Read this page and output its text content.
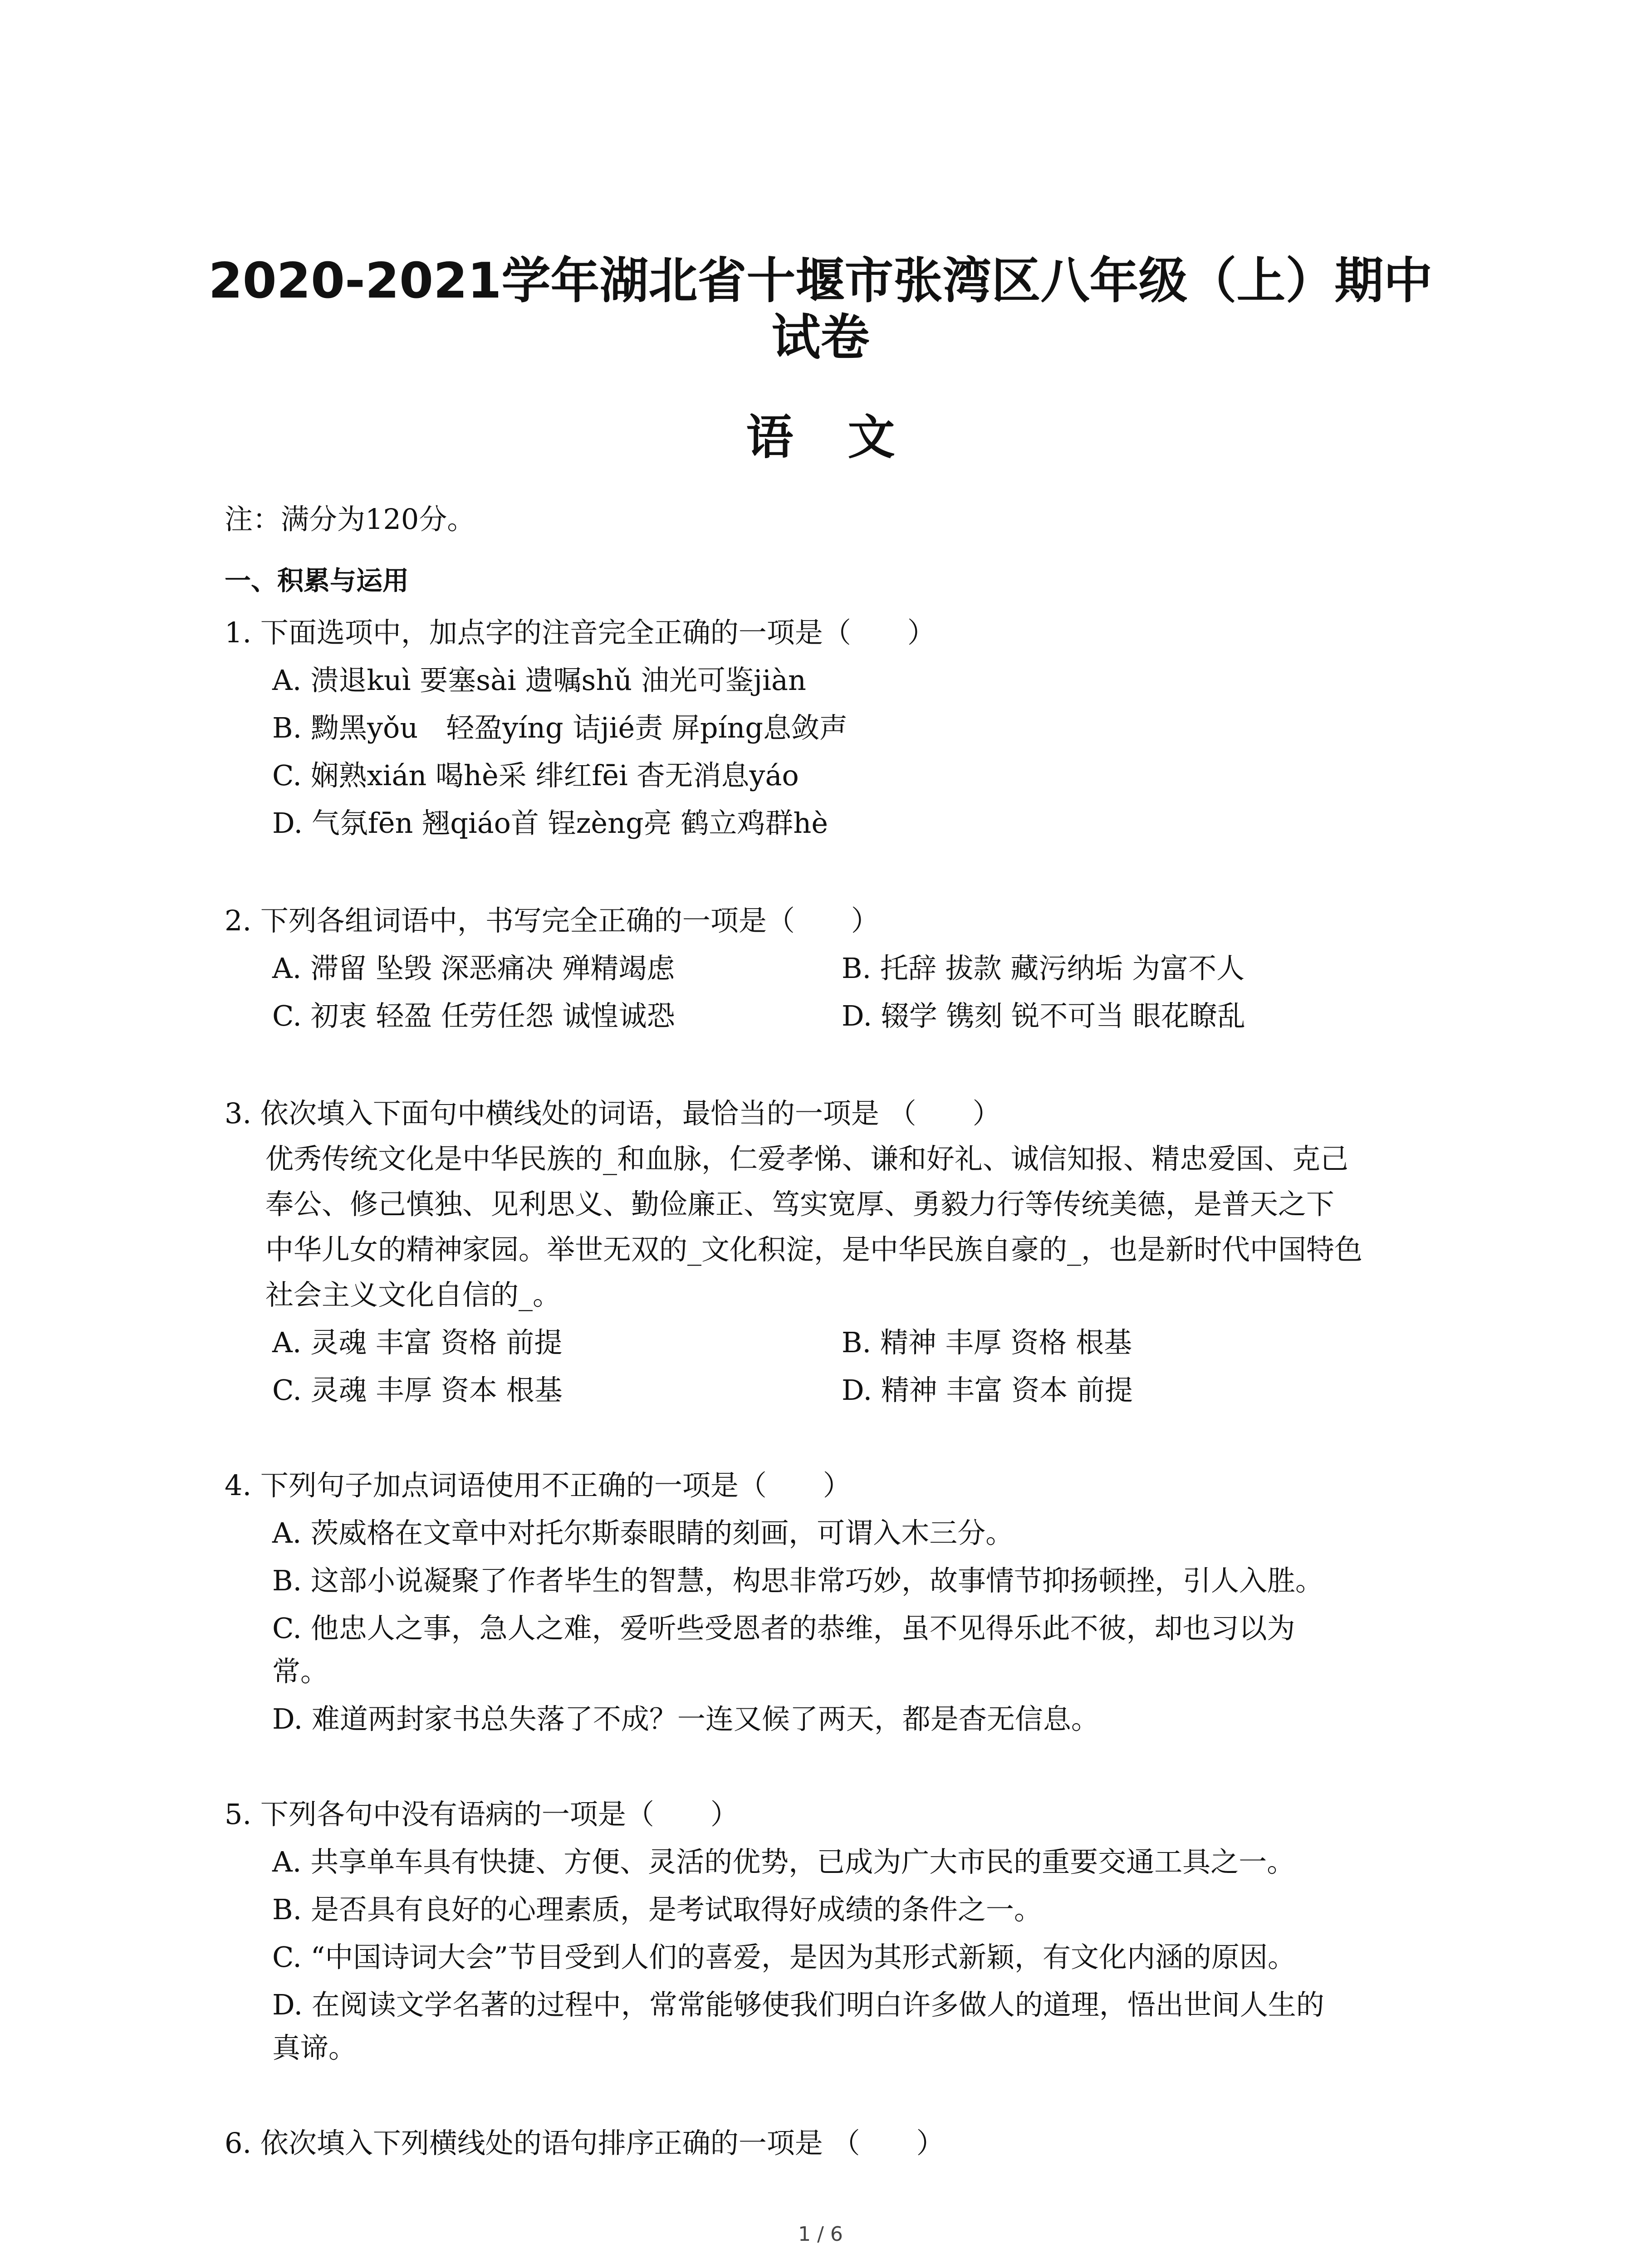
2020-2021学年湖北省十堰市张湾区八年级（上）期中
试卷
语文
注：满分为120分。
一、积累与运用
1. 下面选项中，加点字的注音完全正确的一项是（　　）
A. 溃退kuì 要塞sài 遗嘱shǔ 油光可鉴jiàn
B. 黝黑yǒu　轻盈yíng 诘jié责 屏píng息敛声
C. 娴熟xián 喝hè采 绯红fēi 杳无消息yáo
D. 气氛fēn 翘qiáo首 锃zèng亮 鹤立鸡群hè
2. 下列各组词语中，书写完全正确的一项是（　　）
A. 滞留 坠毁 深恶痛决 殚精竭虑	B. 托辞 拔款 藏污纳垢 为富不人
C. 初衷 轻盈 任劳任怨 诚惶诚恐	D. 辍学 镌刻 锐不可当 眼花瞭乱
3. 依次填入下面句中横线处的词语，最恰当的一项是 （　　）
优秀传统文化是中华民族的_和血脉，仁爱孝悌、谦和好礼、诚信知报、精忠爱国、克己
奉公、修己慎独、见利思义、勤俭廉正、笃实宽厚、勇毅力行等传统美德，是普天之下
中华儿女的精神家园。举世无双的_文化积淀，是中华民族自豪的_，也是新时代中国特色
社会主义文化自信的_。
A. 灵魂 丰富 资格 前提	B. 精神 丰厚 资格 根基
C. 灵魂 丰厚 资本 根基	D. 精神 丰富 资本 前提
4. 下列句子加点词语使用不正确的一项是（　　）
A. 茨威格在文章中对托尔斯泰眼睛的刻画，可谓入木三分。
B. 这部小说凝聚了作者毕生的智慧，构思非常巧妙，故事情节抑扬顿挫，引人入胜。
C. 他忠人之事，急人之难，爱听些受恩者的恭维，虽不见得乐此不彼，却也习以为
常。
D. 难道两封家书总失落了不成？一连又候了两天，都是杳无信息。
5. 下列各句中没有语病的一项是（　　）
A. 共享单车具有快捷、方便、灵活的优势，已成为广大市民的重要交通工具之一。
B. 是否具有良好的心理素质，是考试取得好成绩的条件之一。
C. “中国诗词大会”节目受到人们的喜爱，是因为其形式新颖，有文化内涵的原因。
D. 在阅读文学名著的过程中，常常能够使我们明白许多做人的道理，悟出世间人生的
真谛。
6. 依次填入下列横线处的语句排序正确的一项是 （　　）
1 / 6
